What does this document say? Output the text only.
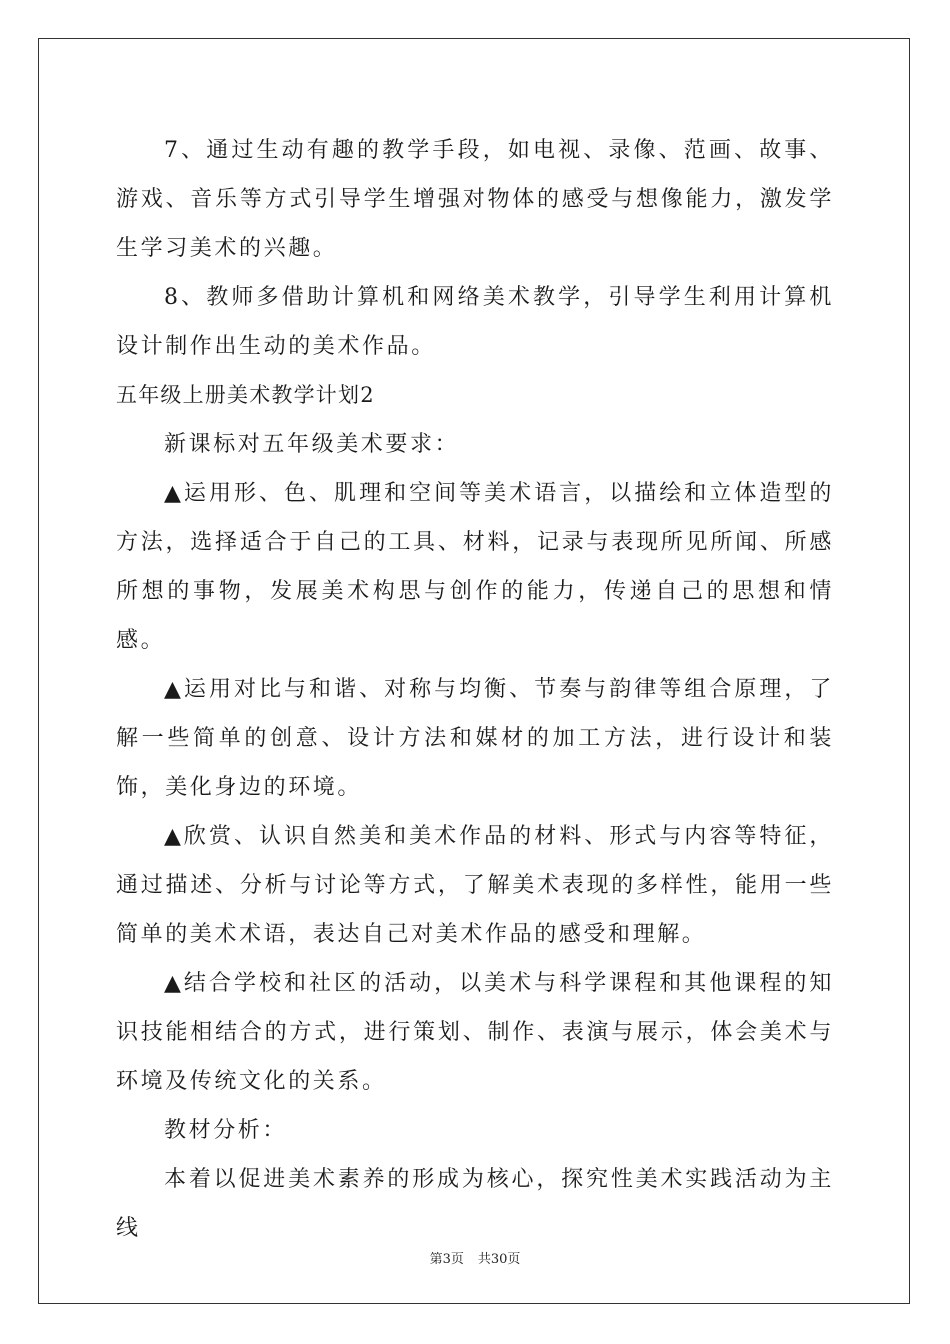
7、通过生动有趣的教学手段，如电视、录像、范画、故事、游戏、音乐等方式引导学生增强对物体的感受与想像能力，激发学生学习美术的兴趣。

8、教师多借助计算机和网络美术教学，引导学生利用计算机设计制作出生动的美术作品。

五年级上册美术教学计划2

新课标对五年级美术要求：

▲运用形、色、肌理和空间等美术语言，以描绘和立体造型的方法，选择适合于自己的工具、材料，记录与表现所见所闻、所感所想的事物，发展美术构思与创作的能力，传递自己的思想和情感。

▲运用对比与和谐、对称与均衡、节奏与韵律等组合原理，了解一些简单的创意、设计方法和媒材的加工方法，进行设计和装饰，美化身边的环境。

▲欣赏、认识自然美和美术作品的材料、形式与内容等特征，通过描述、分析与讨论等方式，了解美术表现的多样性，能用一些简单的美术术语，表达自己对美术作品的感受和理解。

▲结合学校和社区的活动，以美术与科学课程和其他课程的知识技能相结合的方式，进行策划、制作、表演与展示，体会美术与环境及传统文化的关系。

教材分析：

本着以促进美术素养的形成为核心，探究性美术实践活动为主线

第3页 共30页
